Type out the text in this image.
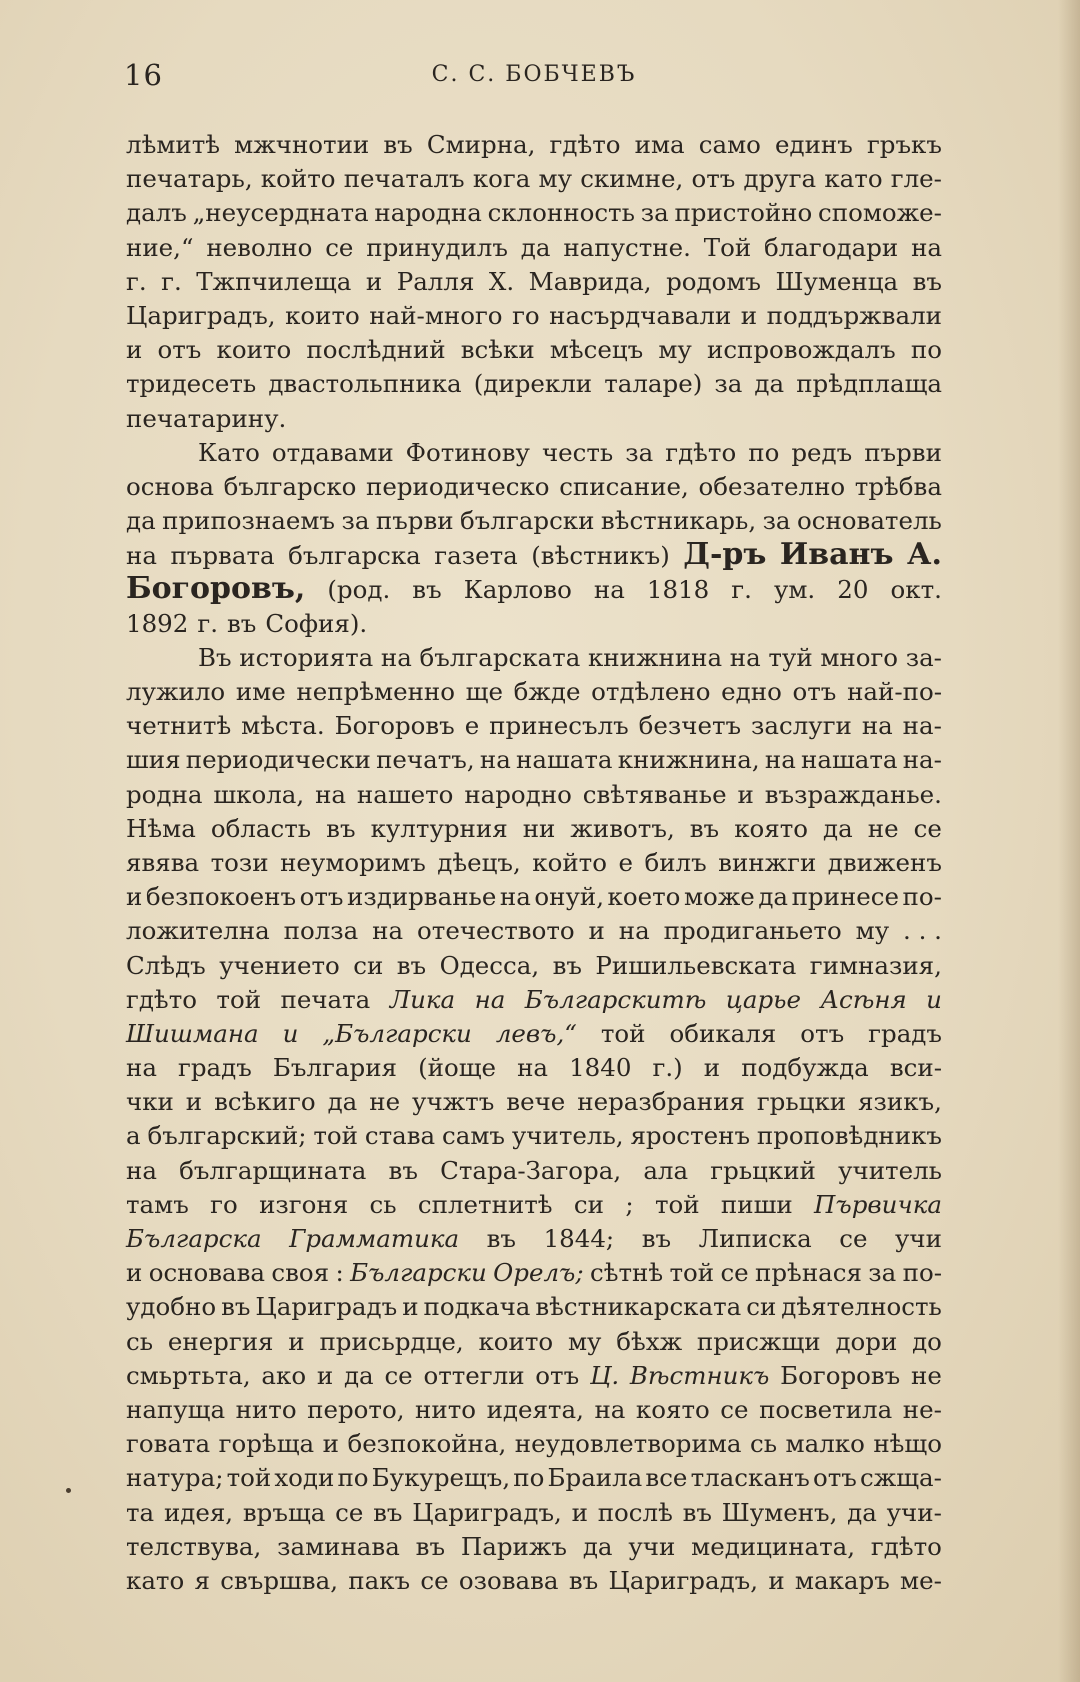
16	С. С. БОБЧЕВЪ
лѣмитѣ мжчнотии въ Смирна, гдѣто има само единъ гръкъ
печатарь, който печаталъ кога му скимне, отъ друга като гле-
далъ „неусердната народна склонность за пристойно споможе-
ние,“ неволно се принудилъ да напустне. Той благодари на
г. г. Тжпчилеща и Ралля Х. Маврида, родомъ Шуменца въ
Цариградъ, които най-много го насърдчавали и поддържвали
и отъ които послѣдний всѣки мѣсецъ му испровождалъ по
тридесеть двастольпника (дирекли таларе) за да прѣдплаща
печатарину.
Като отдавами Фотинову честь за гдѣто по редъ първи
основа българско периодическо списание, обезателно трѣбва
да припознаемъ за първи български вѣстникарь, за основатель
на първата българска газета (вѣстникъ) Д-ръ Иванъ А.
Богоровъ, (род. въ Карлово на 1818 г. ум. 20 окт.
1892 г. въ София).
Въ историята на българската книжнина на туй много за-
лужило име непрѣменно ще бжде отдѣлено едно отъ най-по-
четнитѣ мѣста. Богоровъ е принесълъ безчетъ заслуги на на-
шия периодически печатъ, на нашата книжнина, на нашата на-
родна школа, на нашето народно свѣтяванье и възражданье.
Нѣма область въ културния ни животъ, въ която да не се
явява този неуморимъ дѣецъ, който е билъ винжги движенъ
и безпокоенъ отъ издирванье на онуй, което може да принесе по-
ложителна полза на отечеството и на продиганьето му . . .
Слѣдъ учението си въ Одесса, въ Ришильевската гимназия,
гдѣто той печата Лика на Българскитѣ царье Асѣня и
Шишмана и „Български левъ,“ той обикаля отъ градъ
на градъ България (йоще на 1840 г.) и подбужда вси-
чки и всѣкиго да не учжтъ вече неразбрания грьцки язикъ,
а българский; той става самъ учитель, яростенъ проповѣдникъ
на българщината въ Стара-Загора, ала грьцкий учитель
тамъ го изгоня сь сплетнитѣ си ; той пиши Първичка
Българска Грамматика въ 1844; въ Липиска се учи
и основава своя : Български Орелъ; сѣтнѣ той се прѣнася за по-
удобно въ Цариградъ и подкача вѣстникарската си дѣятелность
сь енергия и присьрдце, които му бѣхж присжщи дори до
смьртьта, ако и да се оттегли отъ Ц. Вѣстникъ Богоровъ не
напуща нито перото, нито идеята, на която се посветила не-
говата горѣща и безпокойна, неудовлетворима сь малко нѣщо
натура; той ходи по Букурещъ, по Браила все тласканъ отъ сжща-
та идея, връща се въ Цариградъ, и послѣ въ Шуменъ, да учи-
телствува, заминава въ Парижъ да учи медицината, гдѣто
като я свършва, пакъ се озовава въ Цариградъ, и макаръ ме-
